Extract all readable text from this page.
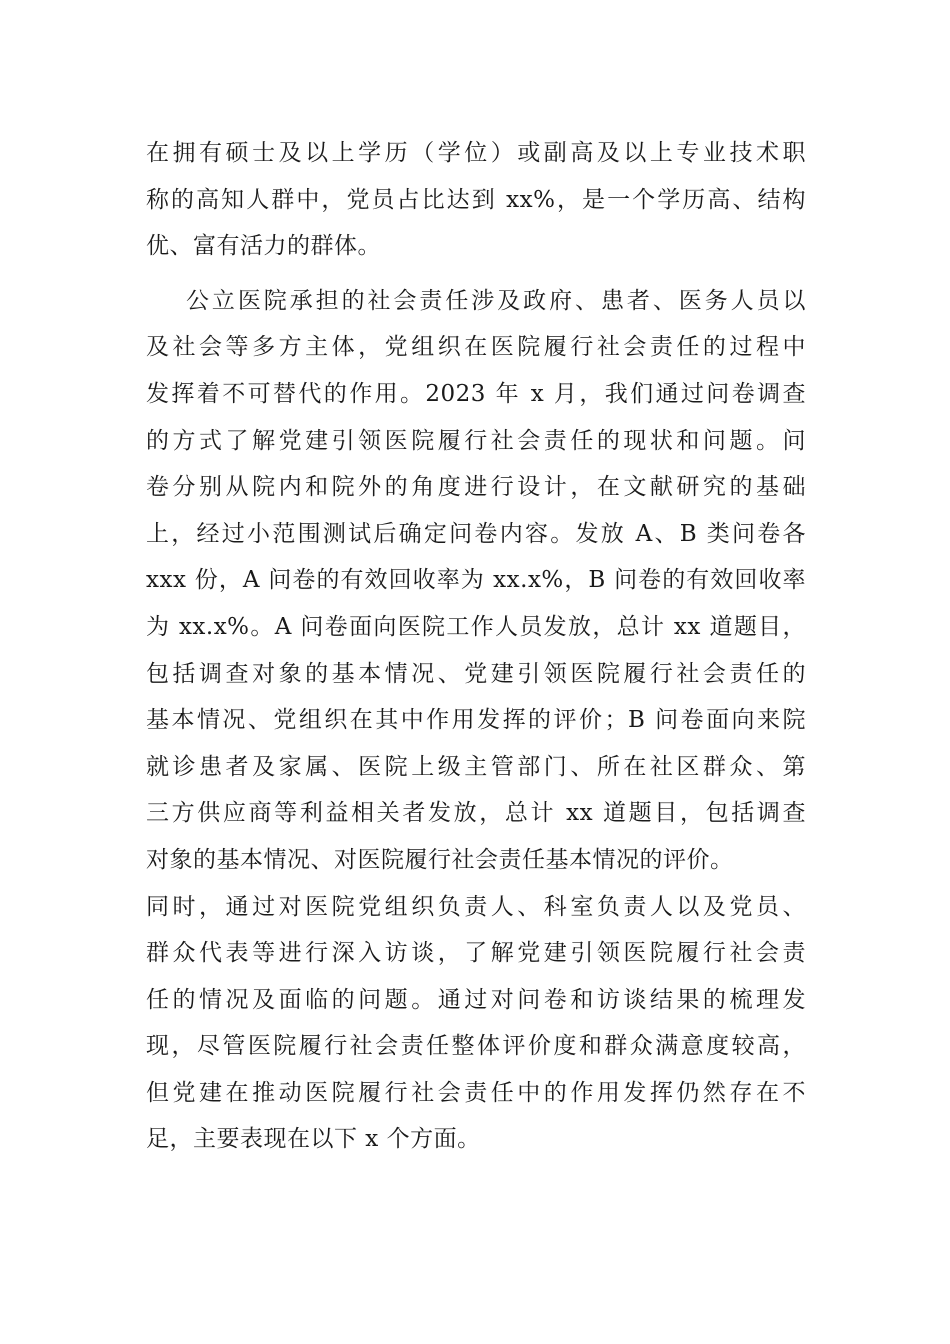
在拥有硕士及以上学历（学位）或副高及以上专业技术职
称的高知人群中，党员占比达到 xx%，是一个学历高、结构
优、富有活力的群体。
公立医院承担的社会责任涉及政府、患者、医务人员以
及社会等多方主体，党组织在医院履行社会责任的过程中
发挥着不可替代的作用。2023 年 x 月，我们通过问卷调查
的方式了解党建引领医院履行社会责任的现状和问题。问
卷分别从院内和院外的角度进行设计，在文献研究的基础
上，经过小范围测试后确定问卷内容。发放 A、B 类问卷各
xxx 份，A 问卷的有效回收率为 xx.x%，B 问卷的有效回收率
为 xx.x%。A 问卷面向医院工作人员发放，总计 xx 道题目，
包括调查对象的基本情况、党建引领医院履行社会责任的
基本情况、党组织在其中作用发挥的评价；B 问卷面向来院
就诊患者及家属、医院上级主管部门、所在社区群众、第
三方供应商等利益相关者发放，总计 xx 道题目，包括调查
对象的基本情况、对医院履行社会责任基本情况的评价。
同时，通过对医院党组织负责人、科室负责人以及党员、
群众代表等进行深入访谈，了解党建引领医院履行社会责
任的情况及面临的问题。通过对问卷和访谈结果的梳理发
现，尽管医院履行社会责任整体评价度和群众满意度较高，
但党建在推动医院履行社会责任中的作用发挥仍然存在不
足，主要表现在以下 x 个方面。
